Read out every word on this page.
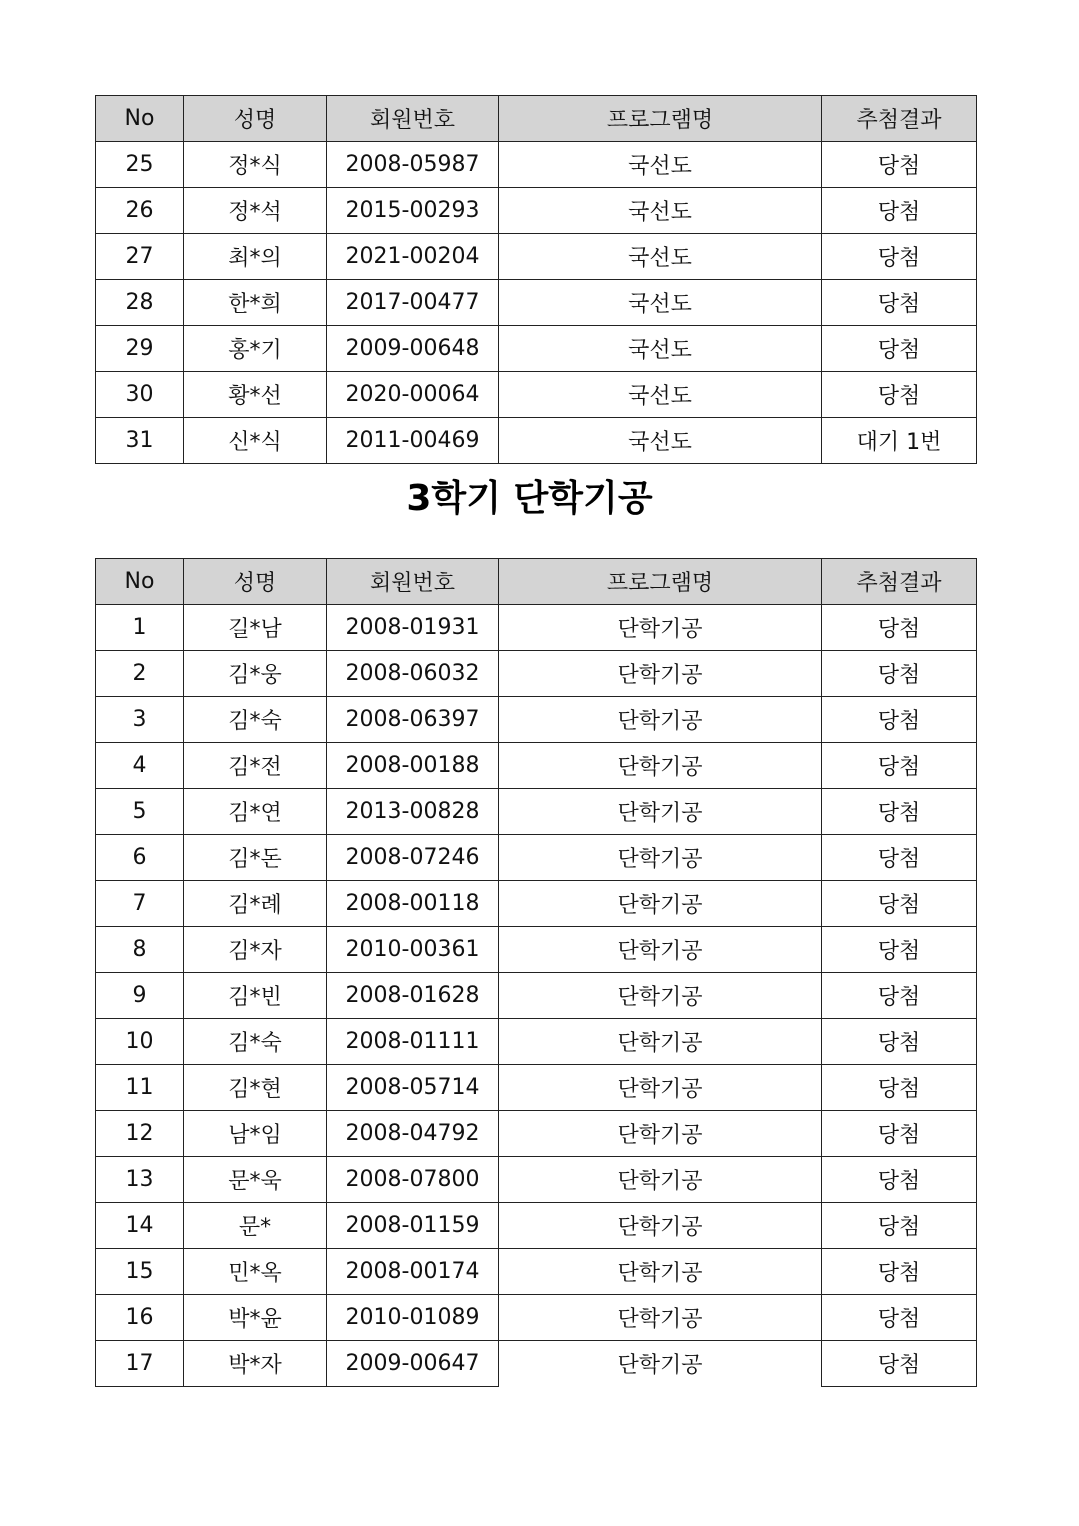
No	성명	회원번호	프로그램명	추첨결과
25	정*식	2008-05987	국선도	당첨
26	정*석	2015-00293	국선도	당첨
27	최*의	2021-00204	국선도	당첨
28	한*희	2017-00477	국선도	당첨
29	홍*기	2009-00648	국선도	당첨
30	황*선	2020-00064	국선도	당첨
31	신*식	2011-00469	국선도	대기 1번
3학기 단학기공
No	성명	회원번호	프로그램명	추첨결과
1	길*남	2008-01931	단학기공	당첨
2	김*웅	2008-06032	단학기공	당첨
3	김*숙	2008-06397	단학기공	당첨
4	김*전	2008-00188	단학기공	당첨
5	김*연	2013-00828	단학기공	당첨
6	김*돈	2008-07246	단학기공	당첨
7	김*례	2008-00118	단학기공	당첨
8	김*자	2010-00361	단학기공	당첨
9	김*빈	2008-01628	단학기공	당첨
10	김*숙	2008-01111	단학기공	당첨
11	김*현	2008-05714	단학기공	당첨
12	남*임	2008-04792	단학기공	당첨
13	문*욱	2008-07800	단학기공	당첨
14	문*	2008-01159	단학기공	당첨
15	민*옥	2008-00174	단학기공	당첨
16	박*윤	2010-01089	단학기공	당첨
17	박*자	2009-00647	단학기공	당첨
